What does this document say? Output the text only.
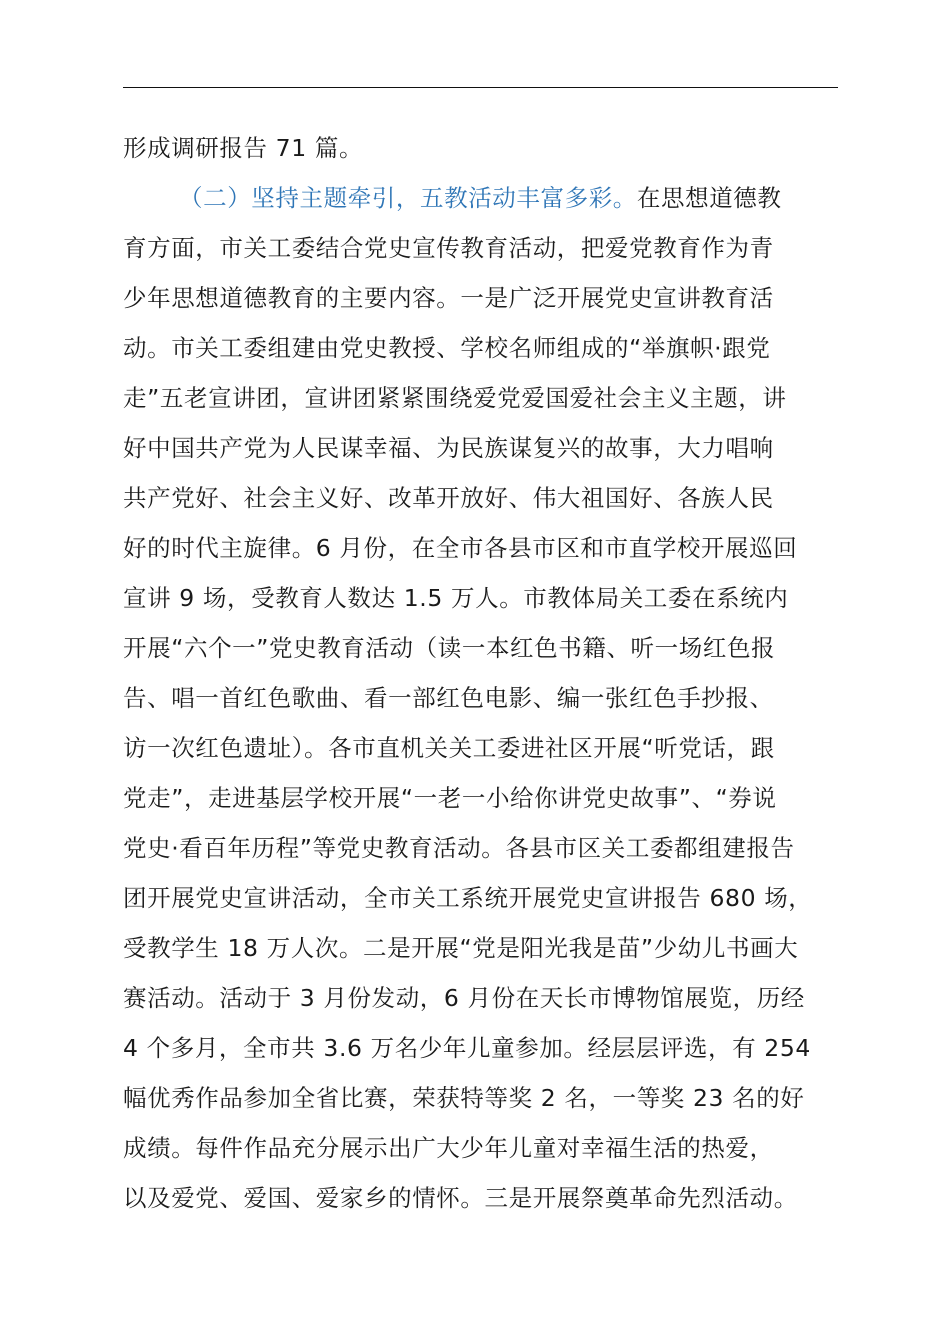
形成调研报告 71 篇。
（二）坚持主题牵引，五教活动丰富多彩。在思想道德教
育方面，市关工委结合党史宣传教育活动，把爱党教育作为青
少年思想道德教育的主要内容。一是广泛开展党史宣讲教育活
动。市关工委组建由党史教授、学校名师组成的“举旗帜·跟党
走”五老宣讲团，宣讲团紧紧围绕爱党爱国爱社会主义主题，讲
好中国共产党为人民谋幸福、为民族谋复兴的故事，大力唱响
共产党好、社会主义好、改革开放好、伟大祖国好、各族人民
好的时代主旋律。6 月份，在全市各县市区和市直学校开展巡回
宣讲 9 场，受教育人数达 1.5 万人。市教体局关工委在系统内
开展“六个一”党史教育活动（读一本红色书籍、听一场红色报
告、唱一首红色歌曲、看一部红色电影、编一张红色手抄报、
访一次红色遗址）。各市直机关关工委进社区开展“听党话，跟
党走”，走进基层学校开展“一老一小给你讲党史故事”、“券说
党史·看百年历程”等党史教育活动。各县市区关工委都组建报告
团开展党史宣讲活动，全市关工系统开展党史宣讲报告 680 场，
受教学生 18 万人次。二是开展“党是阳光我是苗”少幼儿书画大
赛活动。活动于 3 月份发动，6 月份在天长市博物馆展览，历经
4 个多月，全市共 3.6 万名少年儿童参加。经层层评选，有 254
幅优秀作品参加全省比赛，荣获特等奖 2 名，一等奖 23 名的好
成绩。每件作品充分展示出广大少年儿童对幸福生活的热爱，
以及爱党、爱国、爱家乡的情怀。三是开展祭奠革命先烈活动。
